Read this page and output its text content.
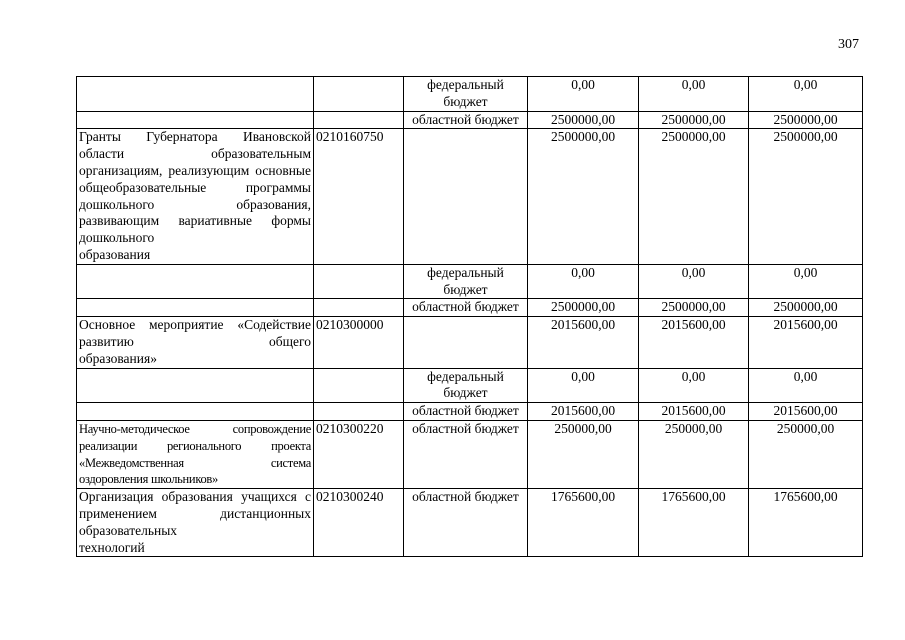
307
		федеральный бюджет	0,00	0,00	0,00
		областной бюджет	2500000,00	2500000,00	2500000,00
Гранты Губернатора Ивановской области образовательным организациям, реализующим основные общеобразовательные программы дошкольного образования, развивающим вариативные формы дошкольного
образования	0210160750		2500000,00	2500000,00	2500000,00
		федеральный бюджет	0,00	0,00	0,00
		областной бюджет	2500000,00	2500000,00	2500000,00
Основное мероприятие «Содействие развитию общего
образования»	0210300000		2015600,00	2015600,00	2015600,00
		федеральный бюджет	0,00	0,00	0,00
		областной бюджет	2015600,00	2015600,00	2015600,00
Научно-методическое сопровождение реализации регионального проекта «Межведомственная система
оздоровления школьников»	0210300220	областной бюджет	250000,00	250000,00	250000,00
Организация образования учащихся с применением дистанционных образовательных
технологий	0210300240	областной бюджет	1765600,00	1765600,00	1765600,00
